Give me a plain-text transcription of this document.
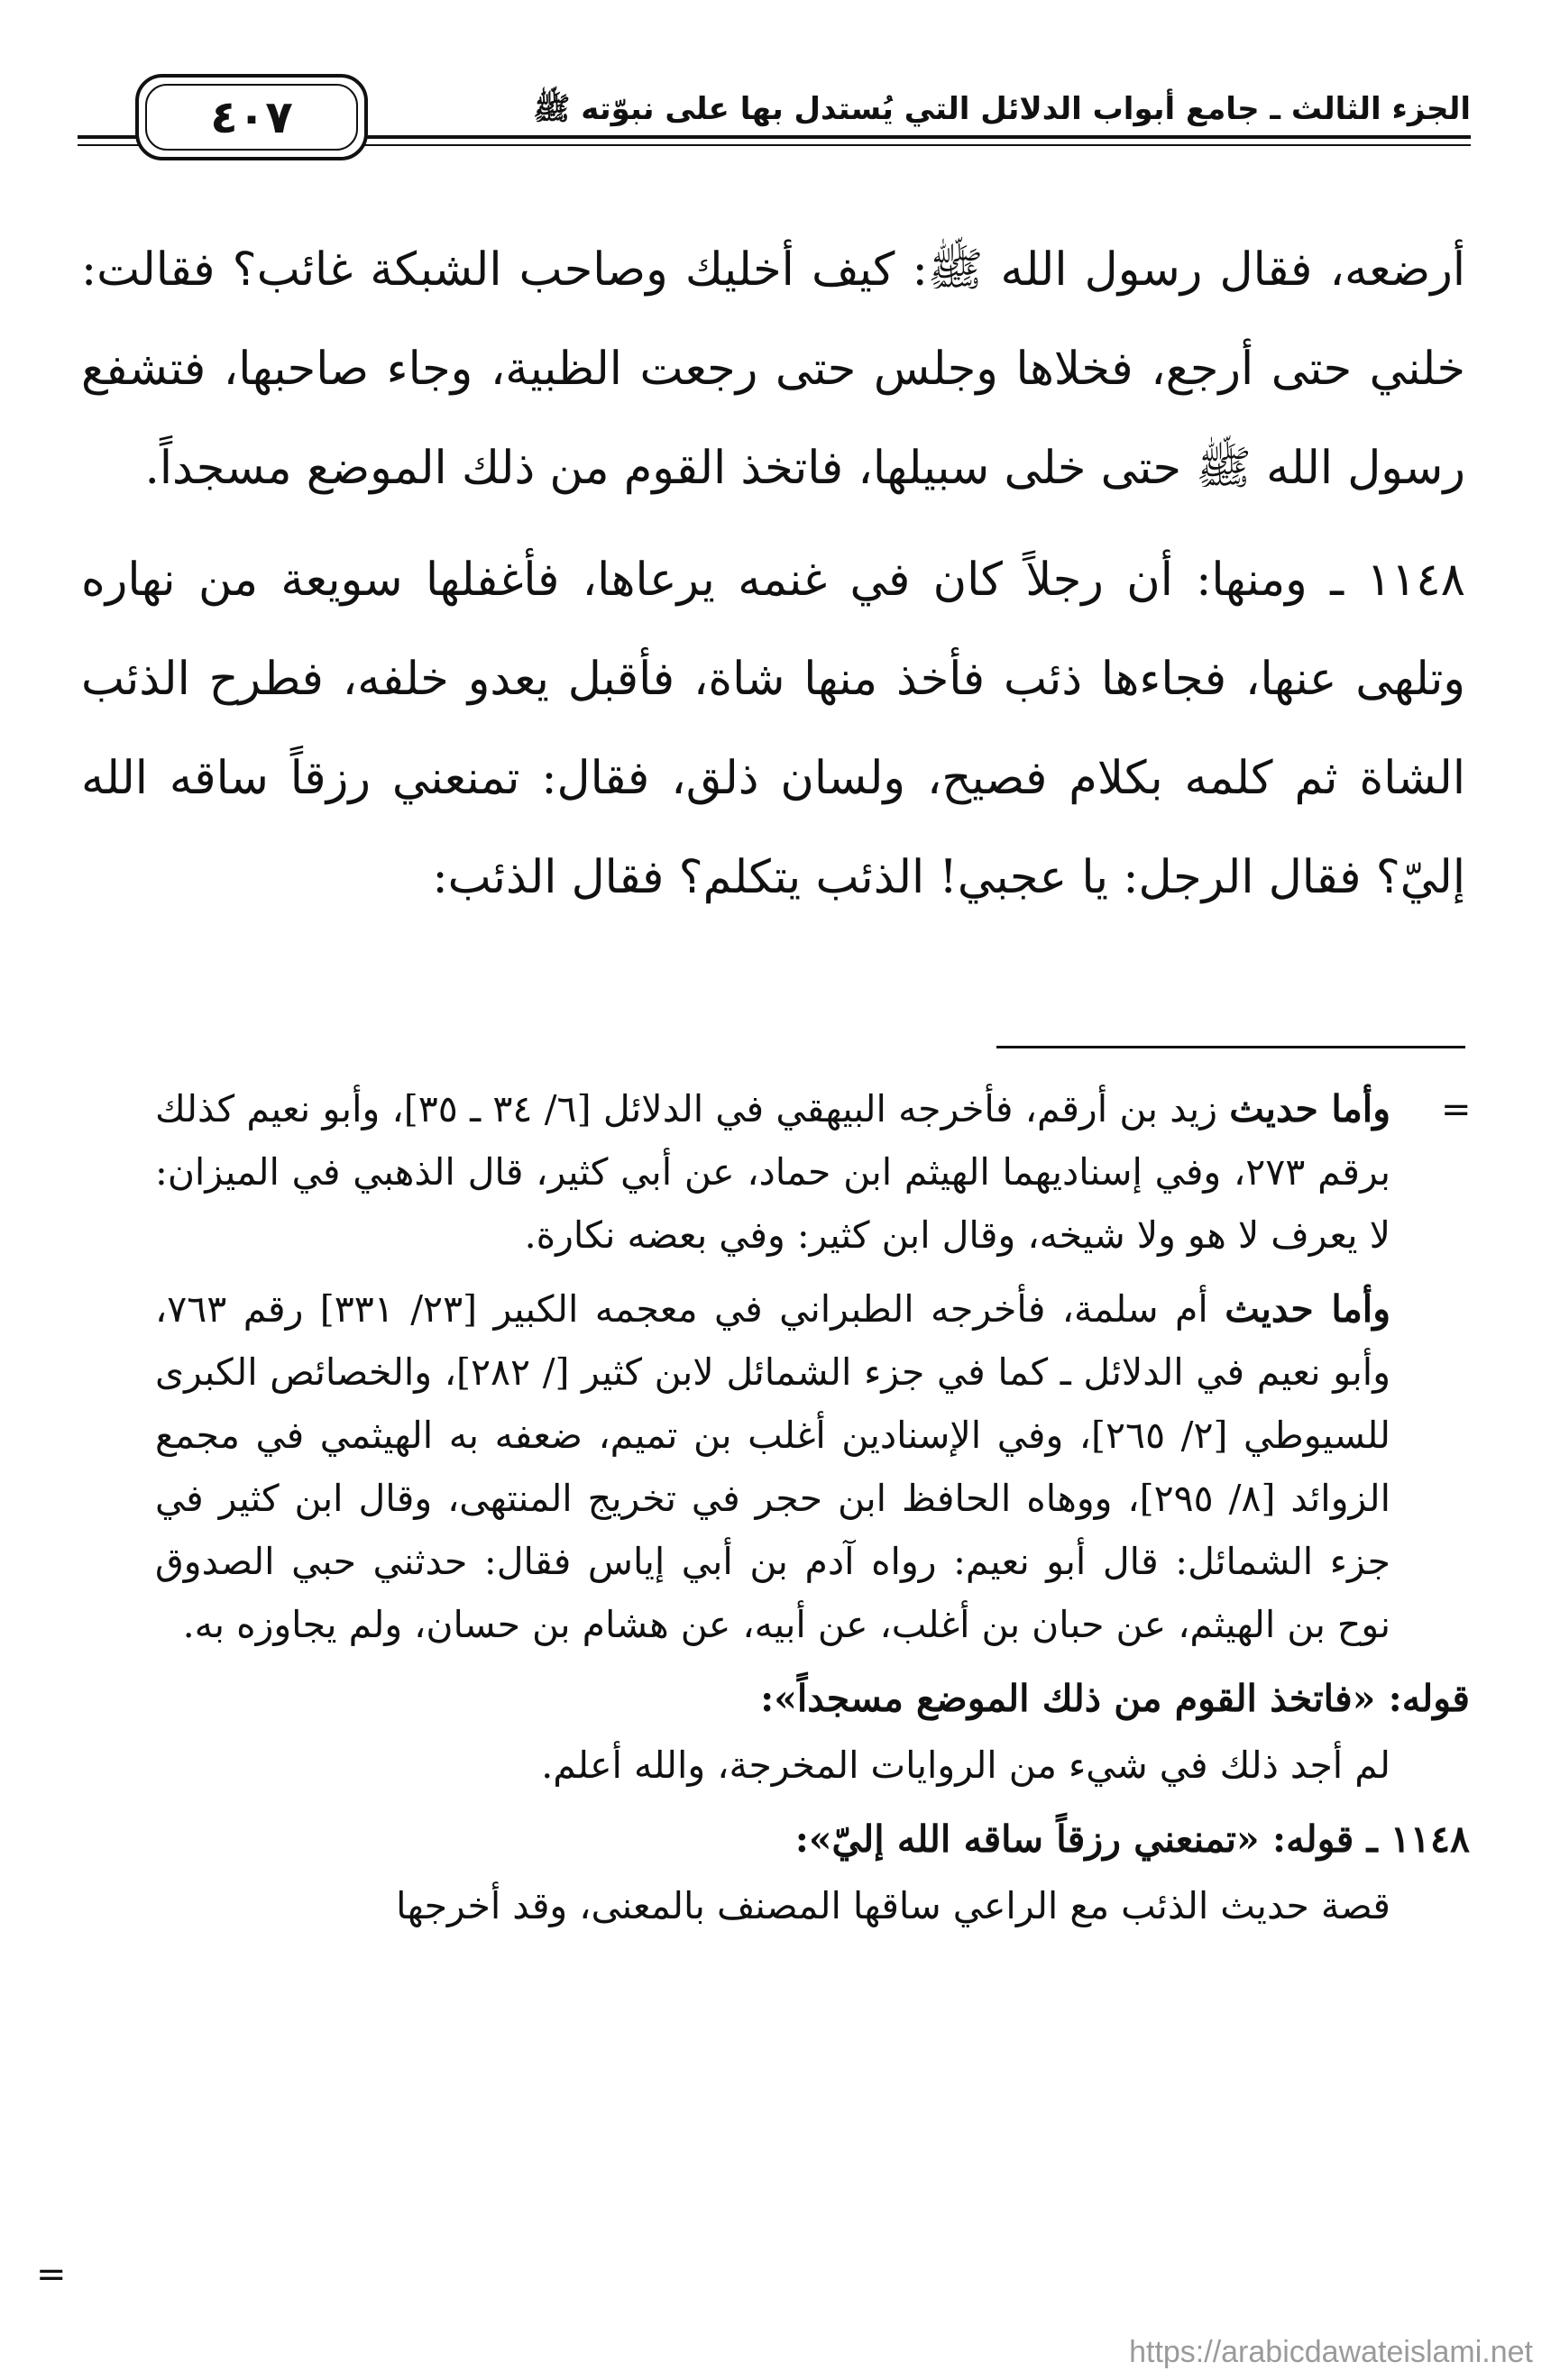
الجزء الثالث ـ جامع أبواب الدلائل التي يُستدل بها على نبوّته ﷺ
٤٠٧

أرضعه، فقال رسول الله ﷺ: كيف أخليك وصاحب الشبكة غائب؟ فقالت: خلني حتى أرجع، فخلاها وجلس حتى رجعت الظبية، وجاء صاحبها، فتشفع رسول الله ﷺ حتى خلى سبيلها، فاتخذ القوم من ذلك الموضع مسجداً.

١١٤٨ ـ ومنها: أن رجلاً كان في غنمه يرعاها، فأغفلها سويعة من نهاره وتلهى عنها، فجاءها ذئب فأخذ منها شاة، فأقبل يعدو خلفه، فطرح الذئب الشاة ثم كلمه بكلام فصيح، ولسان ذلق، فقال: تمنعني رزقاً ساقه الله إليّ؟ فقال الرجل: يا عجبي! الذئب يتكلم؟ فقال الذئب:

=

وأما حديث زيد بن أرقم، فأخرجه البيهقي في الدلائل [٦/ ٣٤ ـ ٣٥]، وأبو نعيم كذلك برقم ٢٧٣، وفي إسناديهما الهيثم ابن حماد، عن أبي كثير، قال الذهبي في الميزان: لا يعرف لا هو ولا شيخه، وقال ابن كثير: وفي بعضه نكارة.

وأما حديث أم سلمة، فأخرجه الطبراني في معجمه الكبير [٢٣/ ٣٣١] رقم ٧٦٣، وأبو نعيم في الدلائل ـ كما في جزء الشمائل لابن كثير [/ ٢٨٢]، والخصائص الكبرى للسيوطي [٢/ ٢٦٥]، وفي الإسنادين أغلب بن تميم، ضعفه به الهيثمي في مجمع الزوائد [٨/ ٢٩٥]، ووهاه الحافظ ابن حجر في تخريج المنتهى، وقال ابن كثير في جزء الشمائل: قال أبو نعيم: رواه آدم بن أبي إياس فقال: حدثني حبي الصدوق نوح بن الهيثم، عن حبان بن أغلب، عن أبيه، عن هشام بن حسان، ولم يجاوزه به.

قوله: «فاتخذ القوم من ذلك الموضع مسجداً»:

لم أجد ذلك في شيء من الروايات المخرجة، والله أعلم.

١١٤٨ ـ قوله: «تمنعني رزقاً ساقه الله إليّ»:

قصة حديث الذئب مع الراعي ساقها المصنف بالمعنى، وقد أخرجها

=
https://arabicdawateislami.net
